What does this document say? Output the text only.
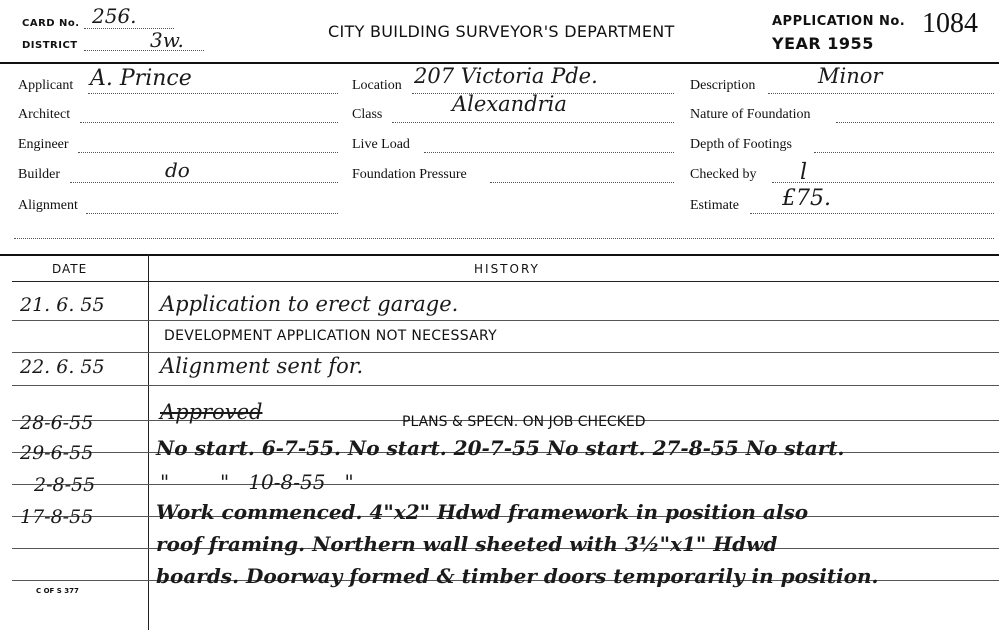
CARD No. 256.
DISTRICT	3w.	CITY BUILDING SURVEYOR'S DEPARTMENT
APPLICATION No. 1084
YEAR 1955
Applicant A. Prince
Architect
Engineer
Builder	do
Alignment
Location 207 Victoria Pde.
Class	Alexandria
Live Load
Foundation Pressure
Description	Minor
Nature of Foundation
Depth of Footings
Checked by l
Estimate £75.
DATE	HISTORY
21. 6. 55	Application to erect garage.
DEVELOPMENT APPLICATION NOT NECESSARY
22. 6. 55	Alignment sent for.
28-6-55	Approved	PLANS & SPECN. ON JOB CHECKED
29-6-55	No start. 6-7-55. No start. 20-7-55 No start. 27-8-55 No start.
2-8-55	"        "   10-8-55   "
17-8-55	Work commenced. 4"x2" Hdwd framework in position also
roof framing. Northern wall sheeted with 3½"x1" Hdwd
boards. Doorway formed & timber doors temporarily in position.
C OF S 377
